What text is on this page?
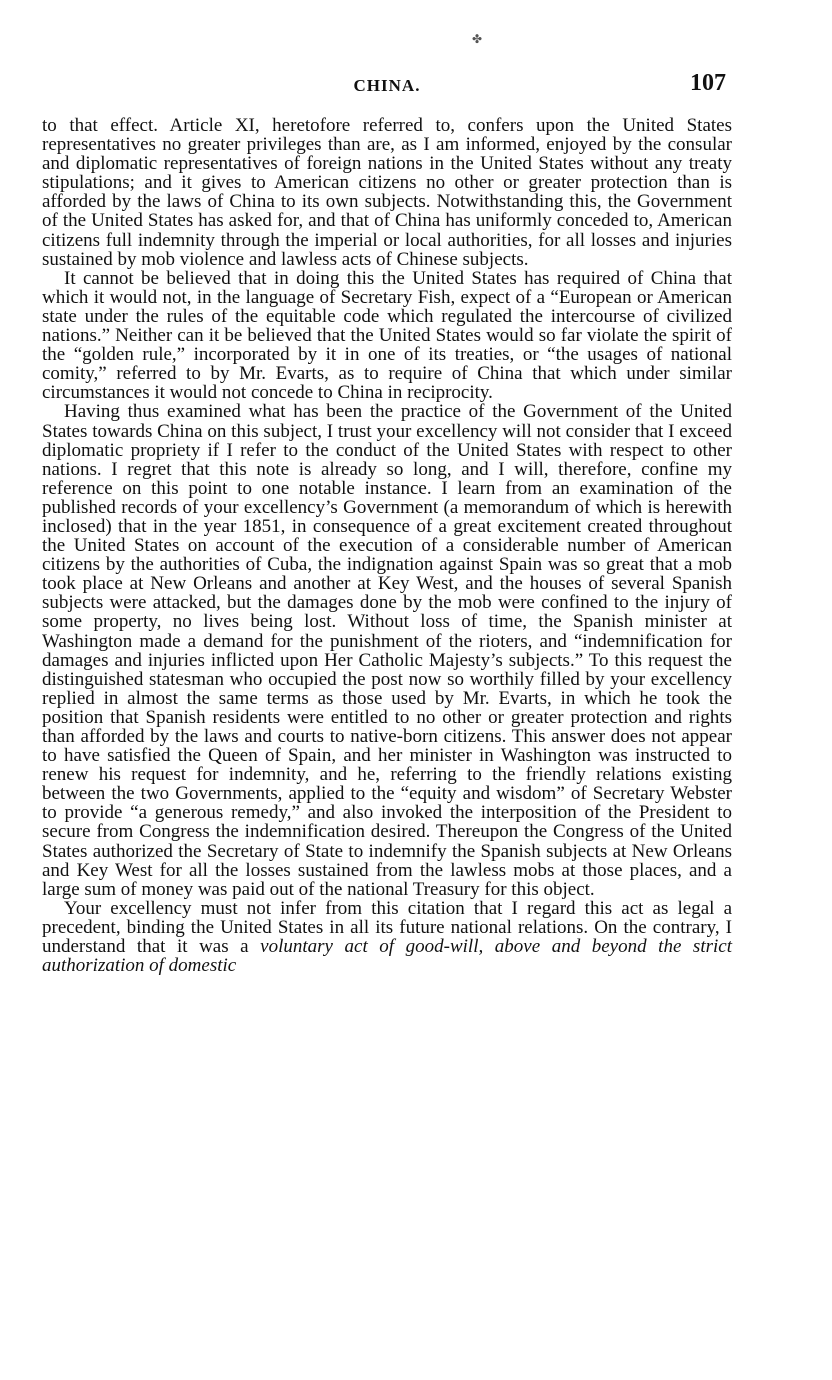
✤
CHINA.	107

to that effect. Article XI, heretofore referred to, confers upon the United States representatives no greater privileges than are, as I am informed, enjoyed by the consular and diplomatic representatives of foreign nations in the United States without any treaty stipulations; and it gives to American citizens no other or greater protection than is afforded by the laws of China to its own subjects. Notwithstanding this, the Government of the United States has asked for, and that of China has uniformly conceded to, American citizens full indemnity through the imperial or local authorities, for all losses and injuries sustained by mob violence and lawless acts of Chinese subjects.

It cannot be believed that in doing this the United States has required of China that which it would not, in the language of Secretary Fish, expect of a “European or American state under the rules of the equitable code which regulated the intercourse of civilized nations.” Neither can it be believed that the United States would so far violate the spirit of the “golden rule,” incorporated by it in one of its treaties, or “the usages of national comity,” referred to by Mr. Evarts, as to require of China that which under similar circumstances it would not concede to China in reciprocity.

Having thus examined what has been the practice of the Government of the United States towards China on this subject, I trust your excellency will not consider that I exceed diplomatic propriety if I refer to the conduct of the United States with respect to other nations. I regret that this note is already so long, and I will, therefore, confine my reference on this point to one notable instance. I learn from an examination of the published records of your excellency’s Government (a memorandum of which is herewith inclosed) that in the year 1851, in consequence of a great excitement created throughout the United States on account of the execution of a considerable number of American citizens by the authorities of Cuba, the indignation against Spain was so great that a mob took place at New Orleans and another at Key West, and the houses of several Spanish subjects were attacked, but the damages done by the mob were confined to the injury of some property, no lives being lost. Without loss of time, the Spanish minister at Washington made a demand for the punishment of the rioters, and “indemnification for damages and injuries inflicted upon Her Catholic Majesty’s subjects.” To this request the distinguished statesman who occupied the post now so worthily filled by your excellency replied in almost the same terms as those used by Mr. Evarts, in which he took the position that Spanish residents were entitled to no other or greater protection and rights than afforded by the laws and courts to native-born citizens. This answer does not appear to have satisfied the Queen of Spain, and her minister in Washington was instructed to renew his request for indemnity, and he, referring to the friendly relations existing between the two Governments, applied to the “equity and wisdom” of Secretary Webster to provide “a generous remedy,” and also invoked the interposition of the President to secure from Congress the indemnification desired. Thereupon the Congress of the United States authorized the Secretary of State to indemnify the Spanish subjects at New Orleans and Key West for all the losses sustained from the lawless mobs at those places, and a large sum of money was paid out of the national Treasury for this object.

Your excellency must not infer from this citation that I regard this act as legal a precedent, binding the United States in all its future national relations. On the contrary, I understand that it was a voluntary act of good-will, above and beyond the strict authorization of domestic
